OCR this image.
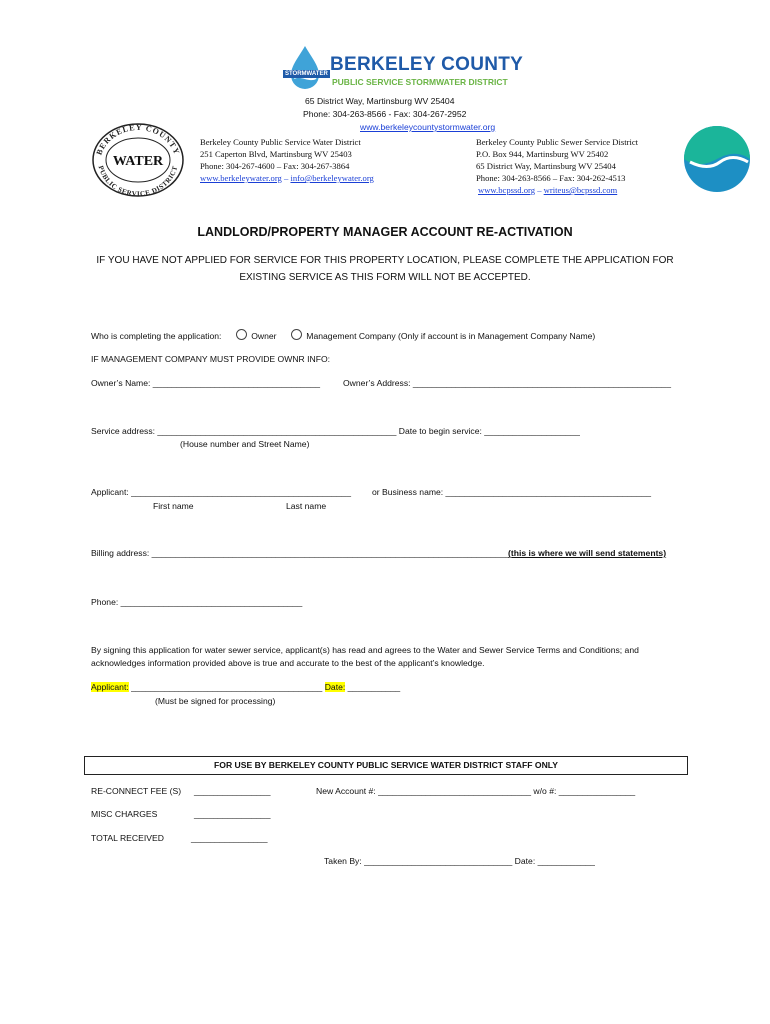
STORMWATER BERKELEY COUNTY
PUBLIC SERVICE STORMWATER DISTRICT
65 District Way, Martinsburg WV 25404
Phone: 304-263-8566 - Fax: 304-267-2952
www.berkeleycountystormwater.org
BERKELEY COUNTY
PUBLIC SERVICE DISTRICT
WATER
Berkeley County Public Service Water District
251 Caperton Blvd, Martinsburg WV 25403
Phone: 304-267-4600 – Fax: 304-267-3864
www.berkeleywater.org – info@berkeleywater.org
Berkeley County Public Sewer Service District
P.O. Box 944, Martinsburg WV 25402
65 District Way, Martinsburg WV 25404
Phone: 304-263-8566 – Fax: 304-262-4513
www.bcpssd.org – writeus@bcpssd.com
LANDLORD/PROPERTY MANAGER ACCOUNT RE-ACTIVATION
IF YOU HAVE NOT APPLIED FOR SERVICE FOR THIS PROPERTY LOCATION, PLEASE COMPLETE THE APPLICATION FOR
EXISTING SERVICE AS THIS FORM WILL NOT BE ACCEPTED.
Who is completing the application:	Owner	Management Company (Only if account is in Management Company Name)
IF MANAGEMENT COMPANY MUST PROVIDE OWNR INFO:
Owner’s Name: ___________________________________	Owner’s Address: ______________________________________________________
Service address: __________________________________________________ Date to begin service: ____________________
(House number and Street Name)
Applicant: ______________________________________________ or Business name: ___________________________________________
First name	Last name
Billing address: ____________________________________________________________________________
(this is where we will send statements)
Phone: ______________________________________
By signing this application for water sewer service, applicant(s) has read and agrees to the Water and Sewer Service Terms and Conditions; and
acknowledges information provided above is true and accurate to the best of the applicant’s knowledge.
Applicant: ________________________________________ Date: ___________
(Must be signed for processing)
FOR USE BY BERKELEY COUNTY PUBLIC SERVICE WATER DISTRICT STAFF ONLY
RE-CONNECT FEE (S) ________________	New Account #: ________________________________ w/o #: ________________
MISC CHARGES	________________
TOTAL RECEIVED	________________
Taken By: _______________________________ Date: ____________
